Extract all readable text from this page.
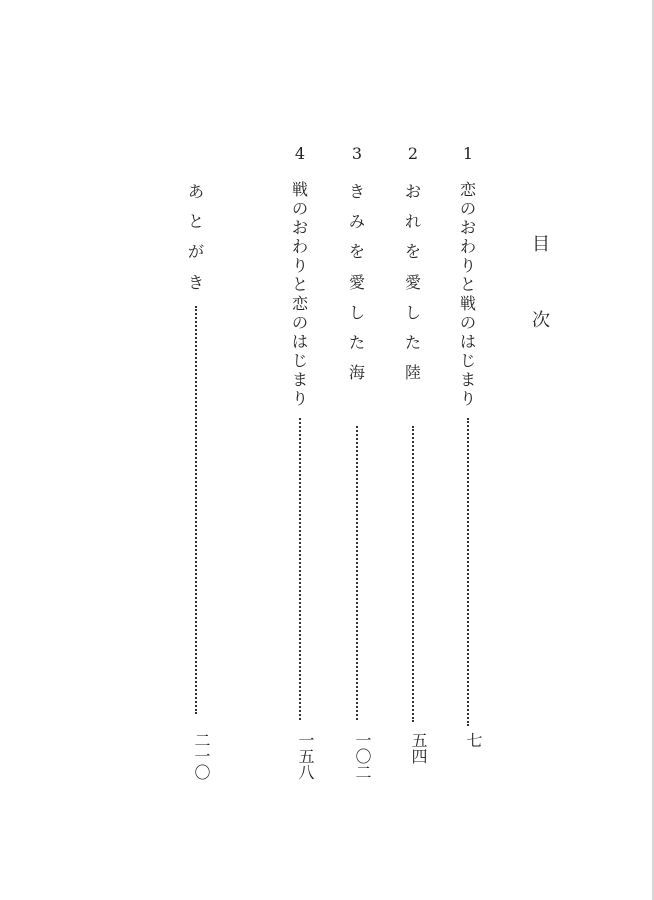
目
次
1
恋
の
お
わ
り
と
戦
の
は
じ
ま
り
七
2
お
れ
を
愛
し
た
陸
五四
3
き
み
を
愛
し
た
海
一〇二
4
戦
の
お
わ
り
と
恋
の
は
じ
ま
り
一五八
あ
と
が
き
二一〇
